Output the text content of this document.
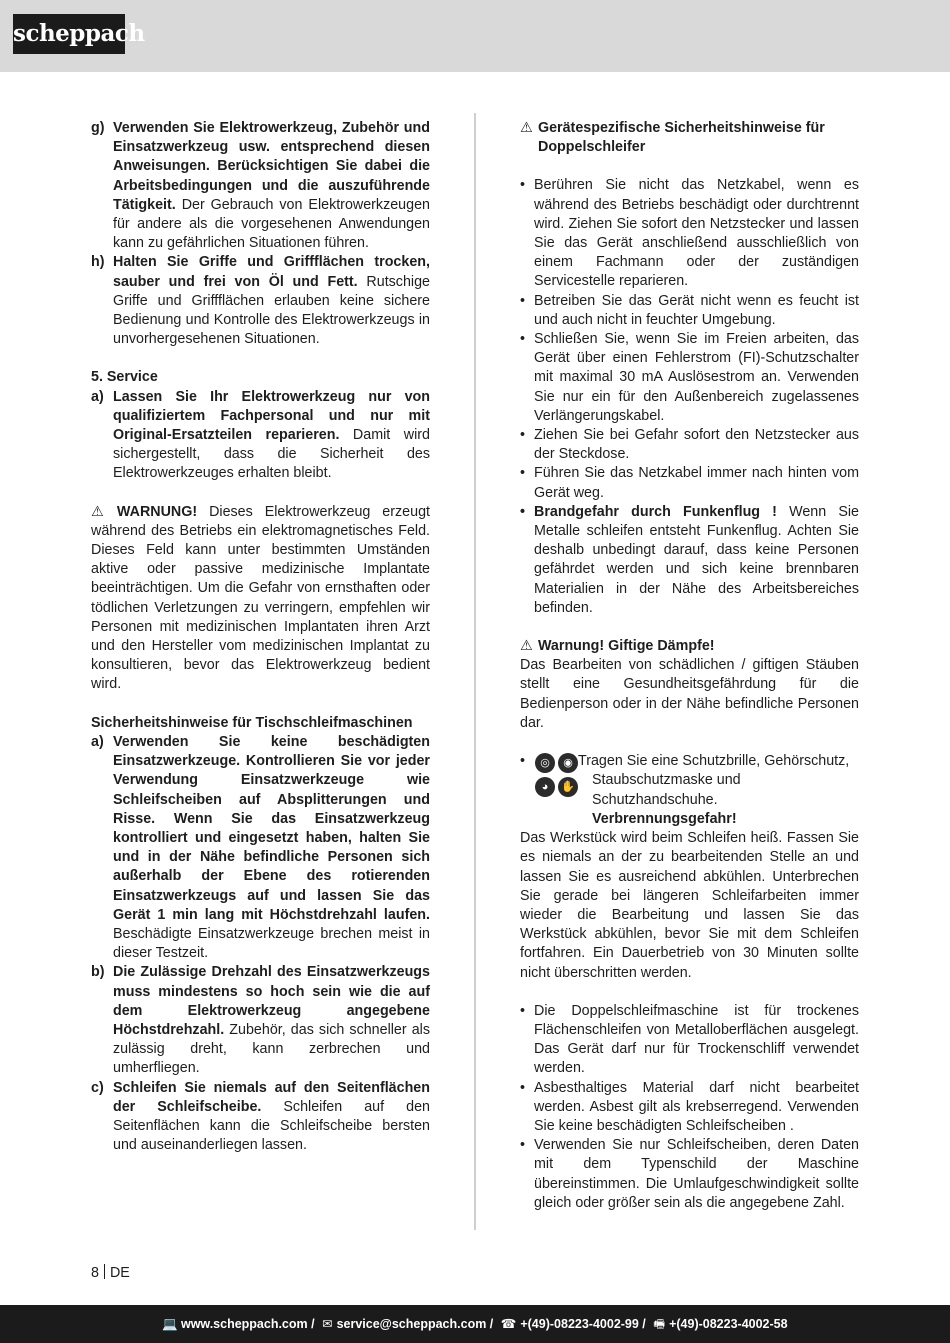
scheppach
g) Verwenden Sie Elektrowerkzeug, Zubehör und Einsatzwerkzeug usw. entsprechend diesen Anweisungen. Berücksichtigen Sie dabei die Arbeitsbedingungen und die auszuführende Tätigkeit. Der Gebrauch von Elektrowerkzeugen für andere als die vorgesehenen Anwendungen kann zu gefährlichen Situationen führen.
h) Halten Sie Griffe und Griffflächen trocken, sauber und frei von Öl und Fett. Rutschige Griffe und Griffflächen erlauben keine sichere Bedienung und Kontrolle des Elektrowerkzeugs in unvorhergesehenen Situationen.

5. Service

a) Lassen Sie Ihr Elektrowerkzeug nur von qualifiziertem Fachpersonal und nur mit Original-Ersatzteilen reparieren. Damit wird sichergestellt, dass die Sicherheit des Elektrowerkzeuges erhalten bleibt.

⚠ WARNUNG! Dieses Elektrowerkzeug erzeugt während des Betriebs ein elektromagnetisches Feld. Dieses Feld kann unter bestimmten Umständen aktive oder passive medizinische Implantate beeinträchtigen. Um die Gefahr von ernsthaften oder tödlichen Verletzungen zu verringern, empfehlen wir Personen mit medizinischen Implantaten ihren Arzt und den Hersteller vom medizinischen Implantat zu konsultieren, bevor das Elektrowerkzeug bedient wird.

Sicherheitshinweise für Tischschleifmaschinen

a) Verwenden Sie keine beschädigten Einsatzwerkzeuge. Kontrollieren Sie vor jeder Verwendung Einsatzwerkzeuge wie Schleifscheiben auf Absplitterungen und Risse. Wenn Sie das Einsatzwerkzeug kontrolliert und eingesetzt haben, halten Sie und in der Nähe befindliche Personen sich außerhalb der Ebene des rotierenden Einsatzwerkzeugs auf und lassen Sie das Gerät 1 min lang mit Höchstdrehzahl laufen. Beschädigte Einsatzwerkzeuge brechen meist in dieser Testzeit.
b) Die Zulässige Drehzahl des Einsatzwerkzeugs muss mindestens so hoch sein wie die auf dem Elektrowerkzeug angegebene Höchstdrehzahl. Zubehör, das sich schneller als zulässig dreht, kann zerbrechen und umherfliegen.
c) Schleifen Sie niemals auf den Seitenflächen der Schleifscheibe. Schleifen auf den Seitenflächen kann die Schleifscheibe bersten und auseinanderliegen lassen.

⚠ Gerätespezifische Sicherheitshinweise für
Doppelschleifer

• Berühren Sie nicht das Netzkabel, wenn es während des Betriebs beschädigt oder durchtrennt wird. Ziehen Sie sofort den Netzstecker und lassen Sie das Gerät anschließend ausschließlich von einem Fachmann oder der zuständigen Servicestelle reparieren.
• Betreiben Sie das Gerät nicht wenn es feucht ist und auch nicht in feuchter Umgebung.
• Schließen Sie, wenn Sie im Freien arbeiten, das Gerät über einen Fehlerstrom (FI)-Schutzschalter mit maximal 30 mA Auslösestrom an. Verwenden Sie nur ein für den Außenbereich zugelassenes Verlängerungskabel.
• Ziehen Sie bei Gefahr sofort den Netzstecker aus der Steckdose.
• Führen Sie das Netzkabel immer nach hinten vom Gerät weg.
• Brandgefahr durch Funkenflug ! Wenn Sie Metalle schleifen entsteht Funkenflug. Achten Sie deshalb unbedingt darauf, dass keine Personen gefährdet werden und sich keine brennbaren Materialien in der Nähe des Arbeitsbereiches befinden.

⚠ Warnung! Giftige Dämpfe!

Das Bearbeiten von schädlichen / giftigen Stäuben stellt eine Gesundheitsgefährdung für die Bedienperson oder in der Nähe befindliche Personen dar.

•	◎	◉
◕	✋
Tragen Sie eine Schutzbrille, Gehörschutz,
Staubschutzmaske und Schutzhandschuhe. Verbrennungsgefahr!

Das Werkstück wird beim Schleifen heiß. Fassen Sie es niemals an der zu bearbeitenden Stelle an und lassen Sie es ausreichend abkühlen. Unterbrechen Sie gerade bei längeren Schleifarbeiten immer wieder die Bearbeitung und lassen Sie das Werkstück abkühlen, bevor Sie mit dem Schleifen fortfahren. Ein Dauerbetrieb von 30 Minuten sollte nicht überschritten werden.

• Die Doppelschleifmaschine ist für trockenes Flächenschleifen von Metalloberflächen ausgelegt. Das Gerät darf nur für Trockenschliff verwendet werden.
• Asbesthaltiges Material darf nicht bearbeitet werden. Asbest gilt als krebserregend. Verwenden Sie keine beschädigten Schleifscheiben .
• Verwenden Sie nur Schleifscheiben, deren Daten mit dem Typenschild der Maschine übereinstimmen. Die Umlaufgeschwindigkeit sollte gleich oder größer sein als die angegebene Zahl.
8 DE
💻 www.scheppach.com / ✉ service@scheppach.com / ☎ +(49)-08223-4002-99 / 🖷 +(49)-08223-4002-58
